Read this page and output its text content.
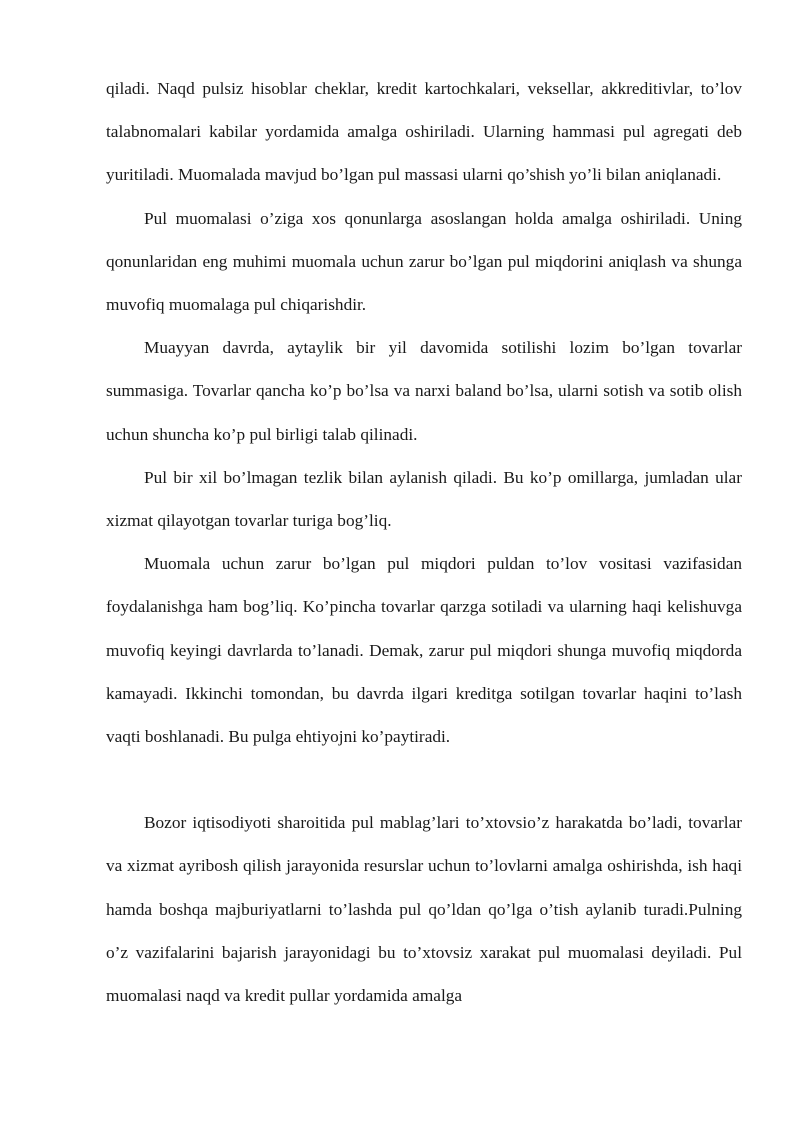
qiladi. Naqd pulsiz hisoblar cheklar, kredit kartochkalari, veksellar, akkreditivlar, to’lov talabnomalari kabilar yordamida amalga oshiriladi. Ularning hammasi pul agregati deb yuritiladi. Muomalada mavjud bo’lgan pul massasi ularni qo’shish yo’li bilan aniqlanadi.

Pul muomalasi o’ziga xos qonunlarga asoslangan holda amalga oshiriladi. Uning qonunlaridan eng muhimi muomala uchun zarur bo’lgan pul miqdorini aniqlash va shunga muvofiq muomalaga pul chiqarishdir.

Muayyan davrda, aytaylik bir yil davomida sotilishi lozim bo’lgan tovarlar summasiga. Tovarlar qancha ko’p bo’lsa va narxi baland bo’lsa, ularni sotish va sotib olish uchun shuncha ko’p pul birligi talab qilinadi.

Pul bir xil bo’lmagan tezlik bilan aylanish qiladi. Bu ko’p omillarga, jumladan ular xizmat qilayotgan tovarlar turiga bog’liq.

Muomala uchun zarur bo’lgan pul miqdori puldan to’lov vositasi vazifasidan foydalanishga ham bog’liq. Ko’pincha tovarlar qarzga sotiladi va ularning haqi kelishuvga muvofiq keyingi davrlarda to’lanadi. Demak, zarur pul miqdori shunga muvofiq miqdorda kamayadi. Ikkinchi tomondan, bu davrda ilgari kreditga sotilgan tovarlar haqini to’lash vaqti boshlanadi. Bu pulga ehtiyojni ko’paytiradi.

Bozor iqtisodiyoti sharoitida pul mablag’lari to’xtovsio’z harakatda bo’ladi, tovarlar va xizmat ayribosh qilish jarayonida resurslar uchun to’lovlarni amalga oshirishda, ish haqi hamda boshqa majburiyatlarni to’lashda pul qo’ldan qo’lga o’tish aylanib turadi.Pulning o’z vazifalarini bajarish jarayonidagi bu to’xtovsiz xarakat pul muomalasi deyiladi. Pul muomalasi naqd va kredit pullar yordamida amalga
